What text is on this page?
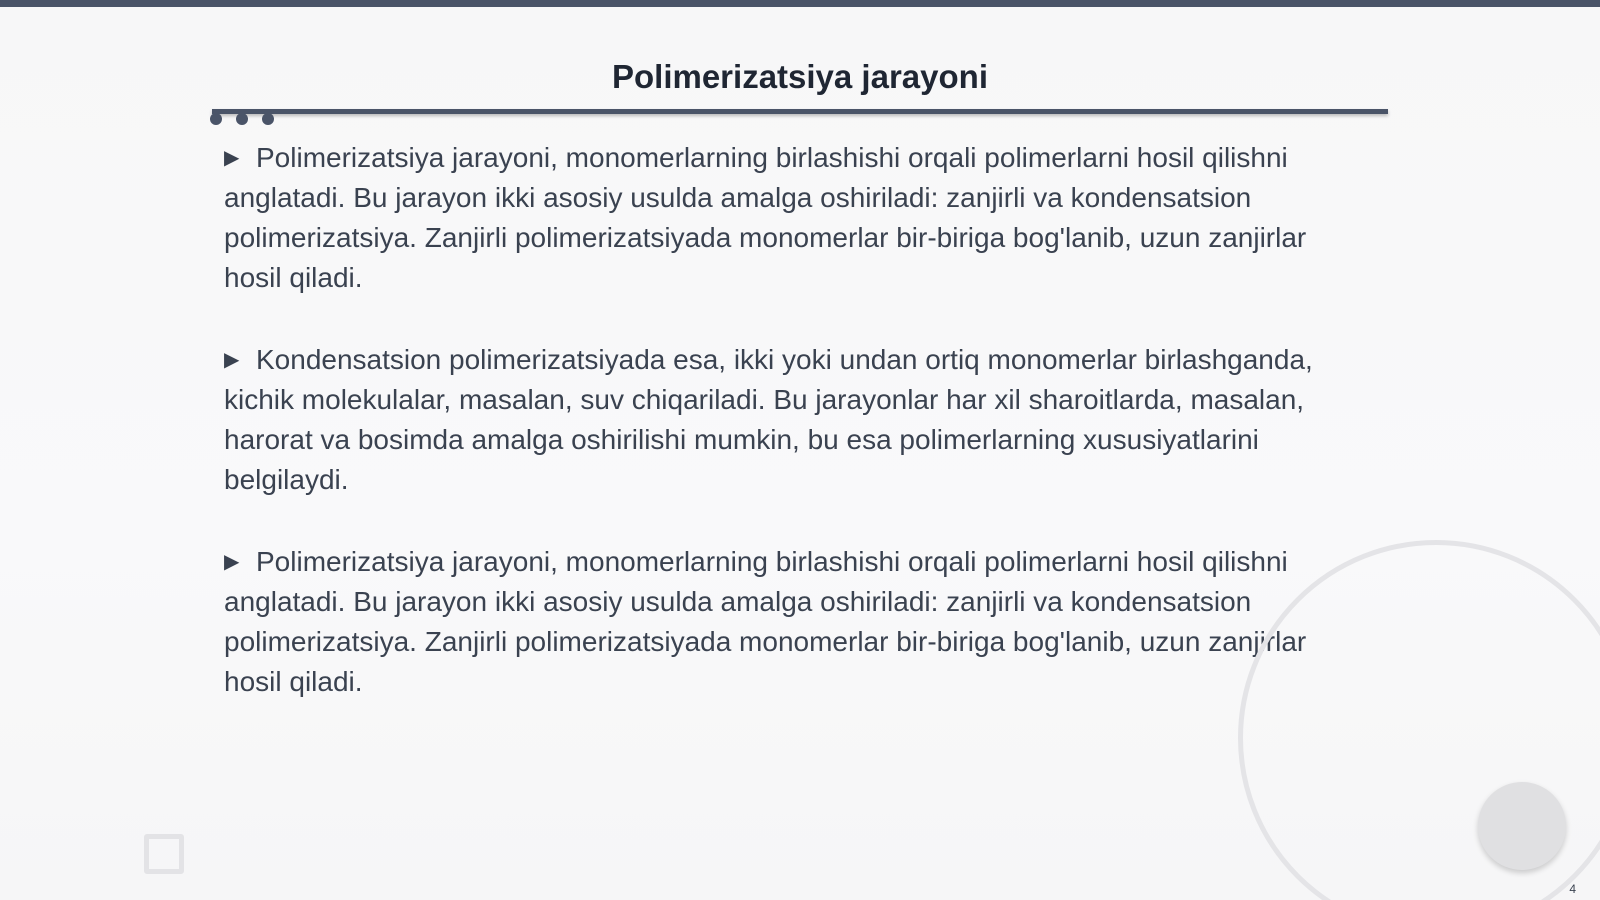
Polimerizatsiya jarayoni

▶ Polimerizatsiya jarayoni, monomerlarning birlashishi orqali polimerlarni hosil qilishni anglatadi. Bu jarayon ikki asosiy usulda amalga oshiriladi: zanjirli va kondensatsion polimerizatsiya. Zanjirli polimerizatsiyada monomerlar bir-biriga bog'lanib, uzun zanjirlar hosil qiladi.

▶ Kondensatsion polimerizatsiyada esa, ikki yoki undan ortiq monomerlar birlashganda, kichik molekulalar, masalan, suv chiqariladi. Bu jarayonlar har xil sharoitlarda, masalan, harorat va bosimda amalga oshirilishi mumkin, bu esa polimerlarning xususiyatlarini belgilaydi.

▶ Polimerizatsiya jarayoni, monomerlarning birlashishi orqali polimerlarni hosil qilishni anglatadi. Bu jarayon ikki asosiy usulda amalga oshiriladi: zanjirli va kondensatsion polimerizatsiya. Zanjirli polimerizatsiyada monomerlar bir-biriga bog'lanib, uzun zanjirlar hosil qiladi.

4
